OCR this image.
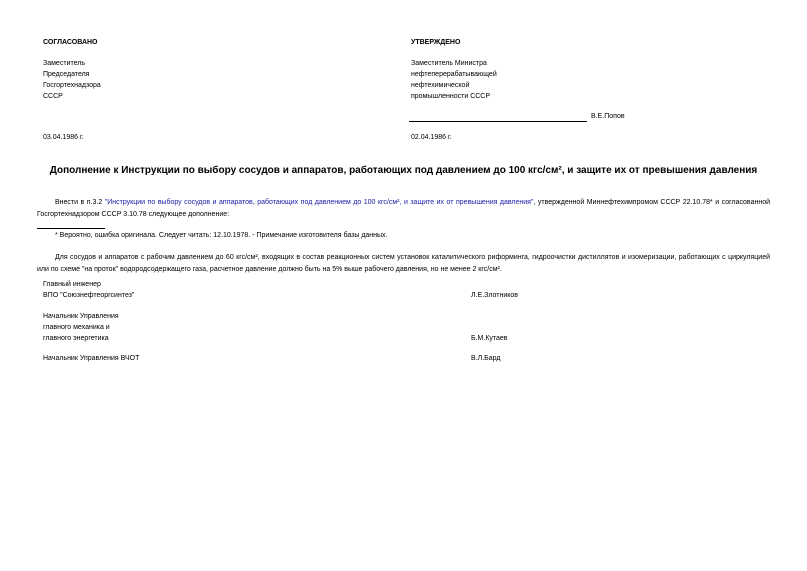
СОГЛАСОВАНО
Заместитель
Председателя
Госгортехнадзора
СССР
03.04.1986 г.
УТВЕРЖДЕНО
Заместитель Министра
нефтеперерабатывающей
нефтехимической
промышленности СССР
В.Е.Попов
02.04.1986 г.
Дополнение к Инструкции по выбору сосудов и аппаратов, работающих под давлением до 100 кгс/см², и защите их от превышения давления
Внести в п.3.2 "Инструкции по выбору сосудов и аппаратов, работающих под давлением до 100 кгс/см², и защите их от превышения давления", утвержденной Миннефтехимпромом СССР 22.10.78* и согласованной Госгортехнадзором СССР 3.10.78 следующее дополнение:
* Вероятно, ошибка оригинала. Следует читать: 12.10.1978. - Примечание изготовителя базы данных.
Для сосудов и аппаратов с рабочим давлением до 60 кгс/см², входящих в состав реакционных систем установок каталитического риформинга, гидроочистки дистиллятов и изомеризации, работающих с циркуляцией или по схеме "на проток" водородсодержащего газа, расчетное давление должно быть на 5% выше рабочего давления, но не менее 2 кгс/см².
Главный инженер
ВПО "Союзнефтеоргсинтез"	Л.Е.Злотников
Начальник Управления
главного механика и
главного энергетика	Б.М.Кутаев
Начальник Управления ВЧОТ	В.Л.Бард
